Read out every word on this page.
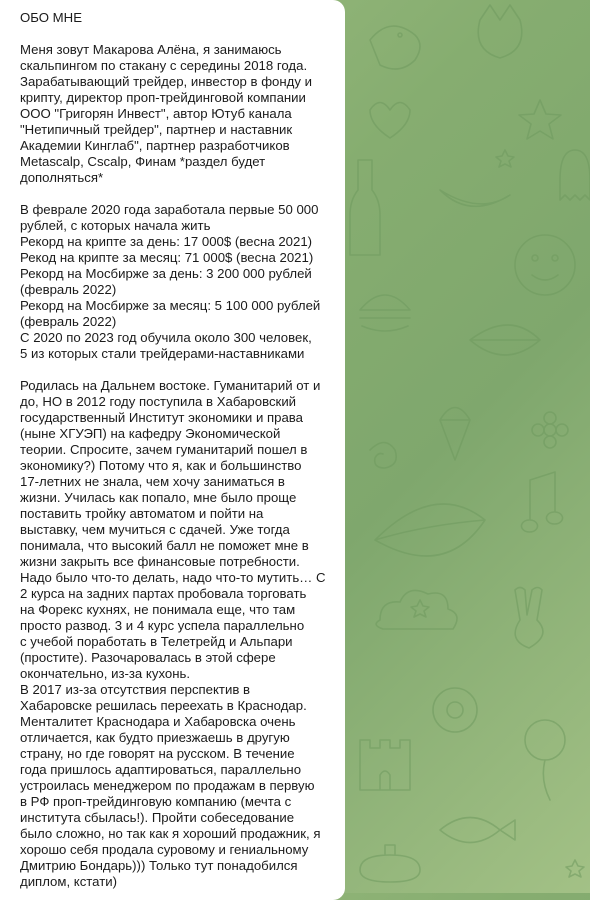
ОБО МНЕ
Меня зовут Макарова Алёна, я занимаюсь
скальпингом по стакану с середины 2018 года.
Зарабатывающий трейдер, инвестор в фонду и
крипту, директор проп-трейдинговой компании
ООО "Григорян Инвест", автор Ютуб канала
"Нетипичный трейдер", партнер и наставник
Академии Кинглаб", партнер разработчиков
Metascalp, Cscalp, Финам *раздел будет
дополняться*
В феврале 2020 года заработала первые 50 000
рублей, с которых начала жить
Рекорд на крипте за день: 17 000$ (весна 2021)
Рекод на крипте за месяц: 71 000$ (весна 2021)
Рекорд на Мосбирже за день: 3 200 000 рублей
(февраль 2022)
Рекорд на Мосбирже за месяц: 5 100 000 рублей
(февраль 2022)
С 2020 по 2023 год обучила около 300 человек,
5 из которых стали трейдерами-наставниками
Родилась на Дальнем востоке. Гуманитарий от и
до, НО в 2012 году поступила в Хабаровский
государственный Институт экономики и права
(ныне ХГУЭП) на кафедру Экономической
теории. Спросите, зачем гуманитарий пошел в
экономику?) Потому что я, как и большинство
17-летних не знала, чем хочу заниматься в
жизни. Училась как попало, мне было проще
поставить тройку автоматом и пойти на
выставку, чем мучиться с сдачей. Уже тогда
понимала, что высокий балл не поможет мне в
жизни закрыть все финансовые потребности.
Надо было что-то делать, надо что-то мутить… С
2 курса на задних партах пробовала торговать
на Форекс кухнях, не понимала еще, что там
просто развод. 3 и 4 курс успела параллельно
с учебой поработать в Телетрейд и Альпари
(простите). Разочаровалась в этой сфере
окончательно, из-за кухонь.
В 2017 из-за отсутствия перспектив в
Хабаровске решилась переехать в Краснодар.
Менталитет Краснодара и Хабаровска очень
отличается, как будто приезжаешь в другую
страну, но где говорят на русском. В течение
года пришлось адаптироваться, параллельно
устроилась менеджером по продажам в первую
в РФ проп-трейдинговую компанию (мечта с
института сбылась!). Пройти собеседование
было сложно, но так как я хороший продажник, я
хорошо себя продала суровому и гениальному
Дмитрию Бондарь))) Только тут понадобился
диплом, кстати)
